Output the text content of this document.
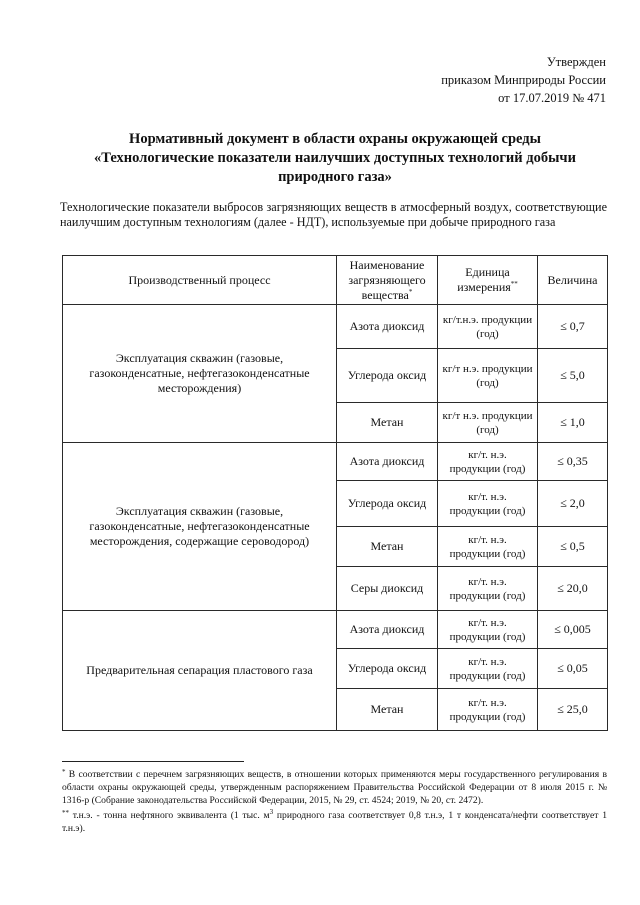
Утвержден
приказом Минприроды России
от 17.07.2019 № 471
Нормативный документ в области охраны окружающей среды
«Технологические показатели наилучших доступных технологий добычи
природного газа»
Технологические показатели выбросов загрязняющих веществ в атмосферный воздух, соответствующие наилучшим доступным технологиям (далее - НДТ), используемые при добыче природного газа
Производственный процесс	Наименование загрязняющего вещества*	Единица измерения**	Величина
Эксплуатация скважин (газовые, газоконденсатные, нефтегазоконденсатные месторождения)	Азота диоксид	кг/т.н.э. продукции (год)	≤ 0,7
	Углерода оксид	кг/т н.э. продукции (год)	≤ 5,0
	Метан	кг/т н.э. продукции (год)	≤ 1,0
Эксплуатация скважин (газовые, газоконденсатные, нефтегазоконденсатные месторождения, содержащие сероводород)	Азота диоксид	кг/т. н.э. продукции (год)	≤ 0,35
	Углерода оксид	кг/т. н.э. продукции (год)	≤ 2,0
	Метан	кг/т. н.э. продукции (год)	≤ 0,5
	Серы диоксид	кг/т. н.э. продукции (год)	≤ 20,0
Предварительная сепарация пластового газа	Азота диоксид	кг/т. н.э. продукции (год)	≤ 0,005
	Углерода оксид	кг/т. н.э. продукции (год)	≤ 0,05
	Метан	кг/т. н.э. продукции (год)	≤ 25,0

* В соответствии с перечнем загрязняющих веществ, в отношении которых применяются меры государственного регулирования в области охраны окружающей среды, утвержденным распоряжением Правительства Российской Федерации от 8 июля 2015 г. № 1316-р (Собрание законодательства Российской Федерации, 2015, № 29, ст. 4524; 2019, № 20, ст. 2472).

** т.н.э. - тонна нефтяного эквивалента (1 тыс. $м^3$ природного газа соответствует 0,8 т.н.э, 1 т конденсата/нефти соответствует 1 т.н.э).
